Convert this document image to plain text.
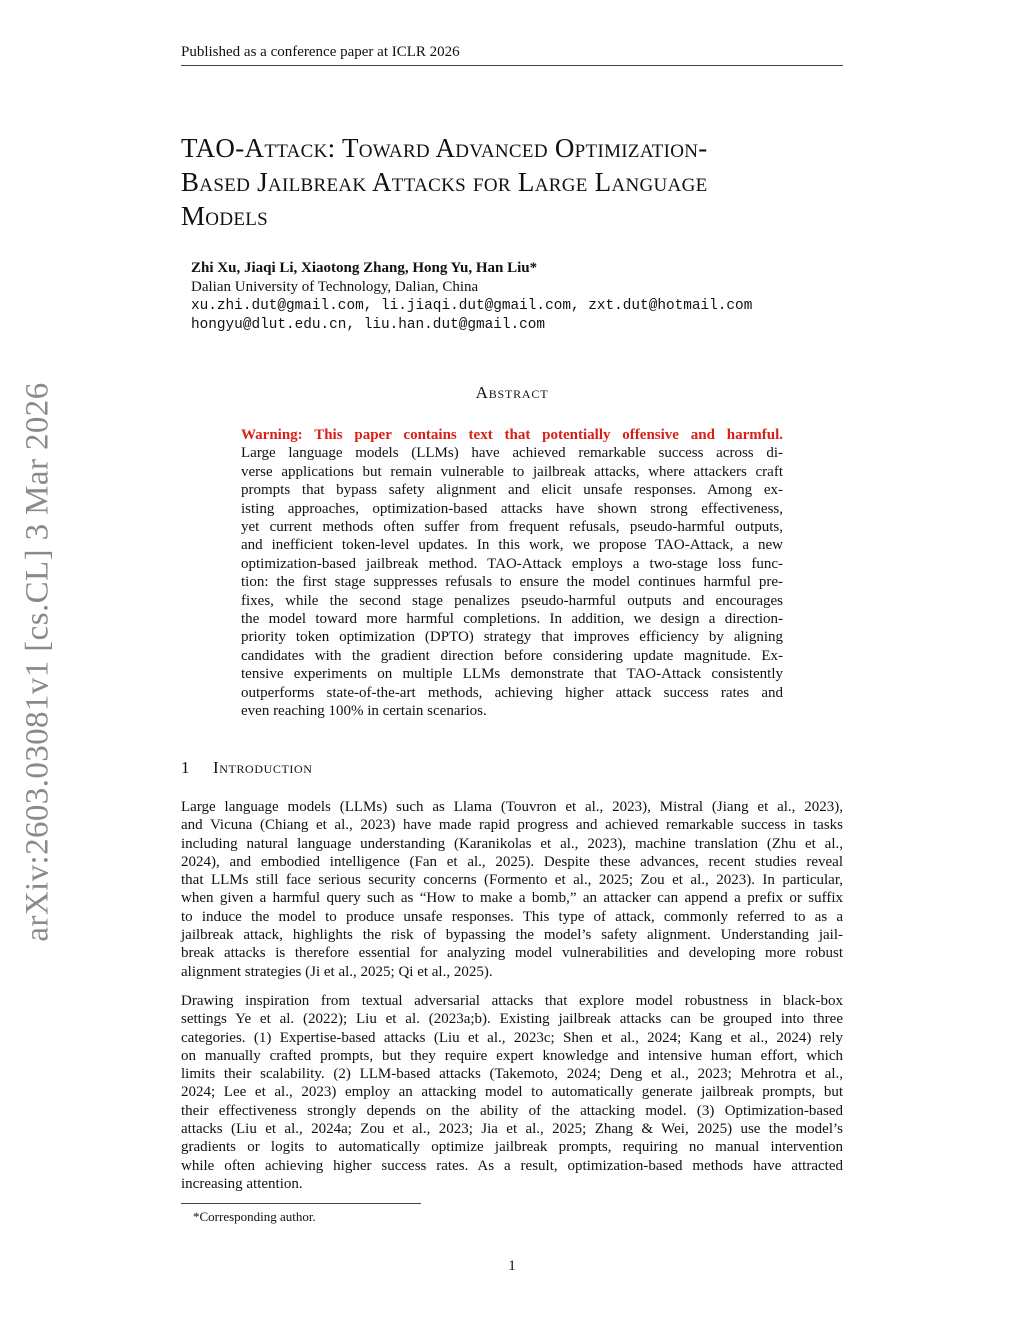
Published as a conference paper at ICLR 2026
TAO-Attack: Toward Advanced Optimization-
Based Jailbreak Attacks for Large Language
Models
Zhi Xu, Jiaqi Li, Xiaotong Zhang, Hong Yu, Han Liu*
Dalian University of Technology, Dalian, China
xu.zhi.dut@gmail.com, li.jiaqi.dut@gmail.com, zxt.dut@hotmail.com
hongyu@dlut.edu.cn, liu.han.dut@gmail.com
arXiv:2603.03081v1 [cs.CL] 3 Mar 2026	Abstract
Warning: This paper contains text that potentially offensive and harmful.
Large language models (LLMs) have achieved remarkable success across di-
verse applications but remain vulnerable to jailbreak attacks, where attackers craft
prompts that bypass safety alignment and elicit unsafe responses. Among ex-
isting approaches, optimization-based attacks have shown strong effectiveness,
yet current methods often suffer from frequent refusals, pseudo-harmful outputs,
and inefficient token-level updates. In this work, we propose TAO-Attack, a new
optimization-based jailbreak method. TAO-Attack employs a two-stage loss func-
tion: the first stage suppresses refusals to ensure the model continues harmful pre-
fixes, while the second stage penalizes pseudo-harmful outputs and encourages
the model toward more harmful completions. In addition, we design a direction-
priority token optimization (DPTO) strategy that improves efficiency by aligning
candidates with the gradient direction before considering update magnitude. Ex-
tensive experiments on multiple LLMs demonstrate that TAO-Attack consistently
outperforms state-of-the-art methods, achieving higher attack success rates and
even reaching 100% in certain scenarios.
1 Introduction
Large language models (LLMs) such as Llama (Touvron et al., 2023), Mistral (Jiang et al., 2023),
and Vicuna (Chiang et al., 2023) have made rapid progress and achieved remarkable success in tasks
including natural language understanding (Karanikolas et al., 2023), machine translation (Zhu et al.,
2024), and embodied intelligence (Fan et al., 2025). Despite these advances, recent studies reveal
that LLMs still face serious security concerns (Formento et al., 2025; Zou et al., 2023). In particular,
when given a harmful query such as “How to make a bomb,” an attacker can append a prefix or suffix
to induce the model to produce unsafe responses. This type of attack, commonly referred to as a
jailbreak attack, highlights the risk of bypassing the model’s safety alignment. Understanding jail-
break attacks is therefore essential for analyzing model vulnerabilities and developing more robust
alignment strategies (Ji et al., 2025; Qi et al., 2025).
Drawing inspiration from textual adversarial attacks that explore model robustness in black-box
settings Ye et al. (2022); Liu et al. (2023a;b). Existing jailbreak attacks can be grouped into three
categories. (1) Expertise-based attacks (Liu et al., 2023c; Shen et al., 2024; Kang et al., 2024) rely
on manually crafted prompts, but they require expert knowledge and intensive human effort, which
limits their scalability. (2) LLM-based attacks (Takemoto, 2024; Deng et al., 2023; Mehrotra et al.,
2024; Lee et al., 2023) employ an attacking model to automatically generate jailbreak prompts, but
their effectiveness strongly depends on the ability of the attacking model. (3) Optimization-based
attacks (Liu et al., 2024a; Zou et al., 2023; Jia et al., 2025; Zhang & Wei, 2025) use the model’s
gradients or logits to automatically optimize jailbreak prompts, requiring no manual intervention
while often achieving higher success rates. As a result, optimization-based methods have attracted
increasing attention.
*Corresponding author.
1
